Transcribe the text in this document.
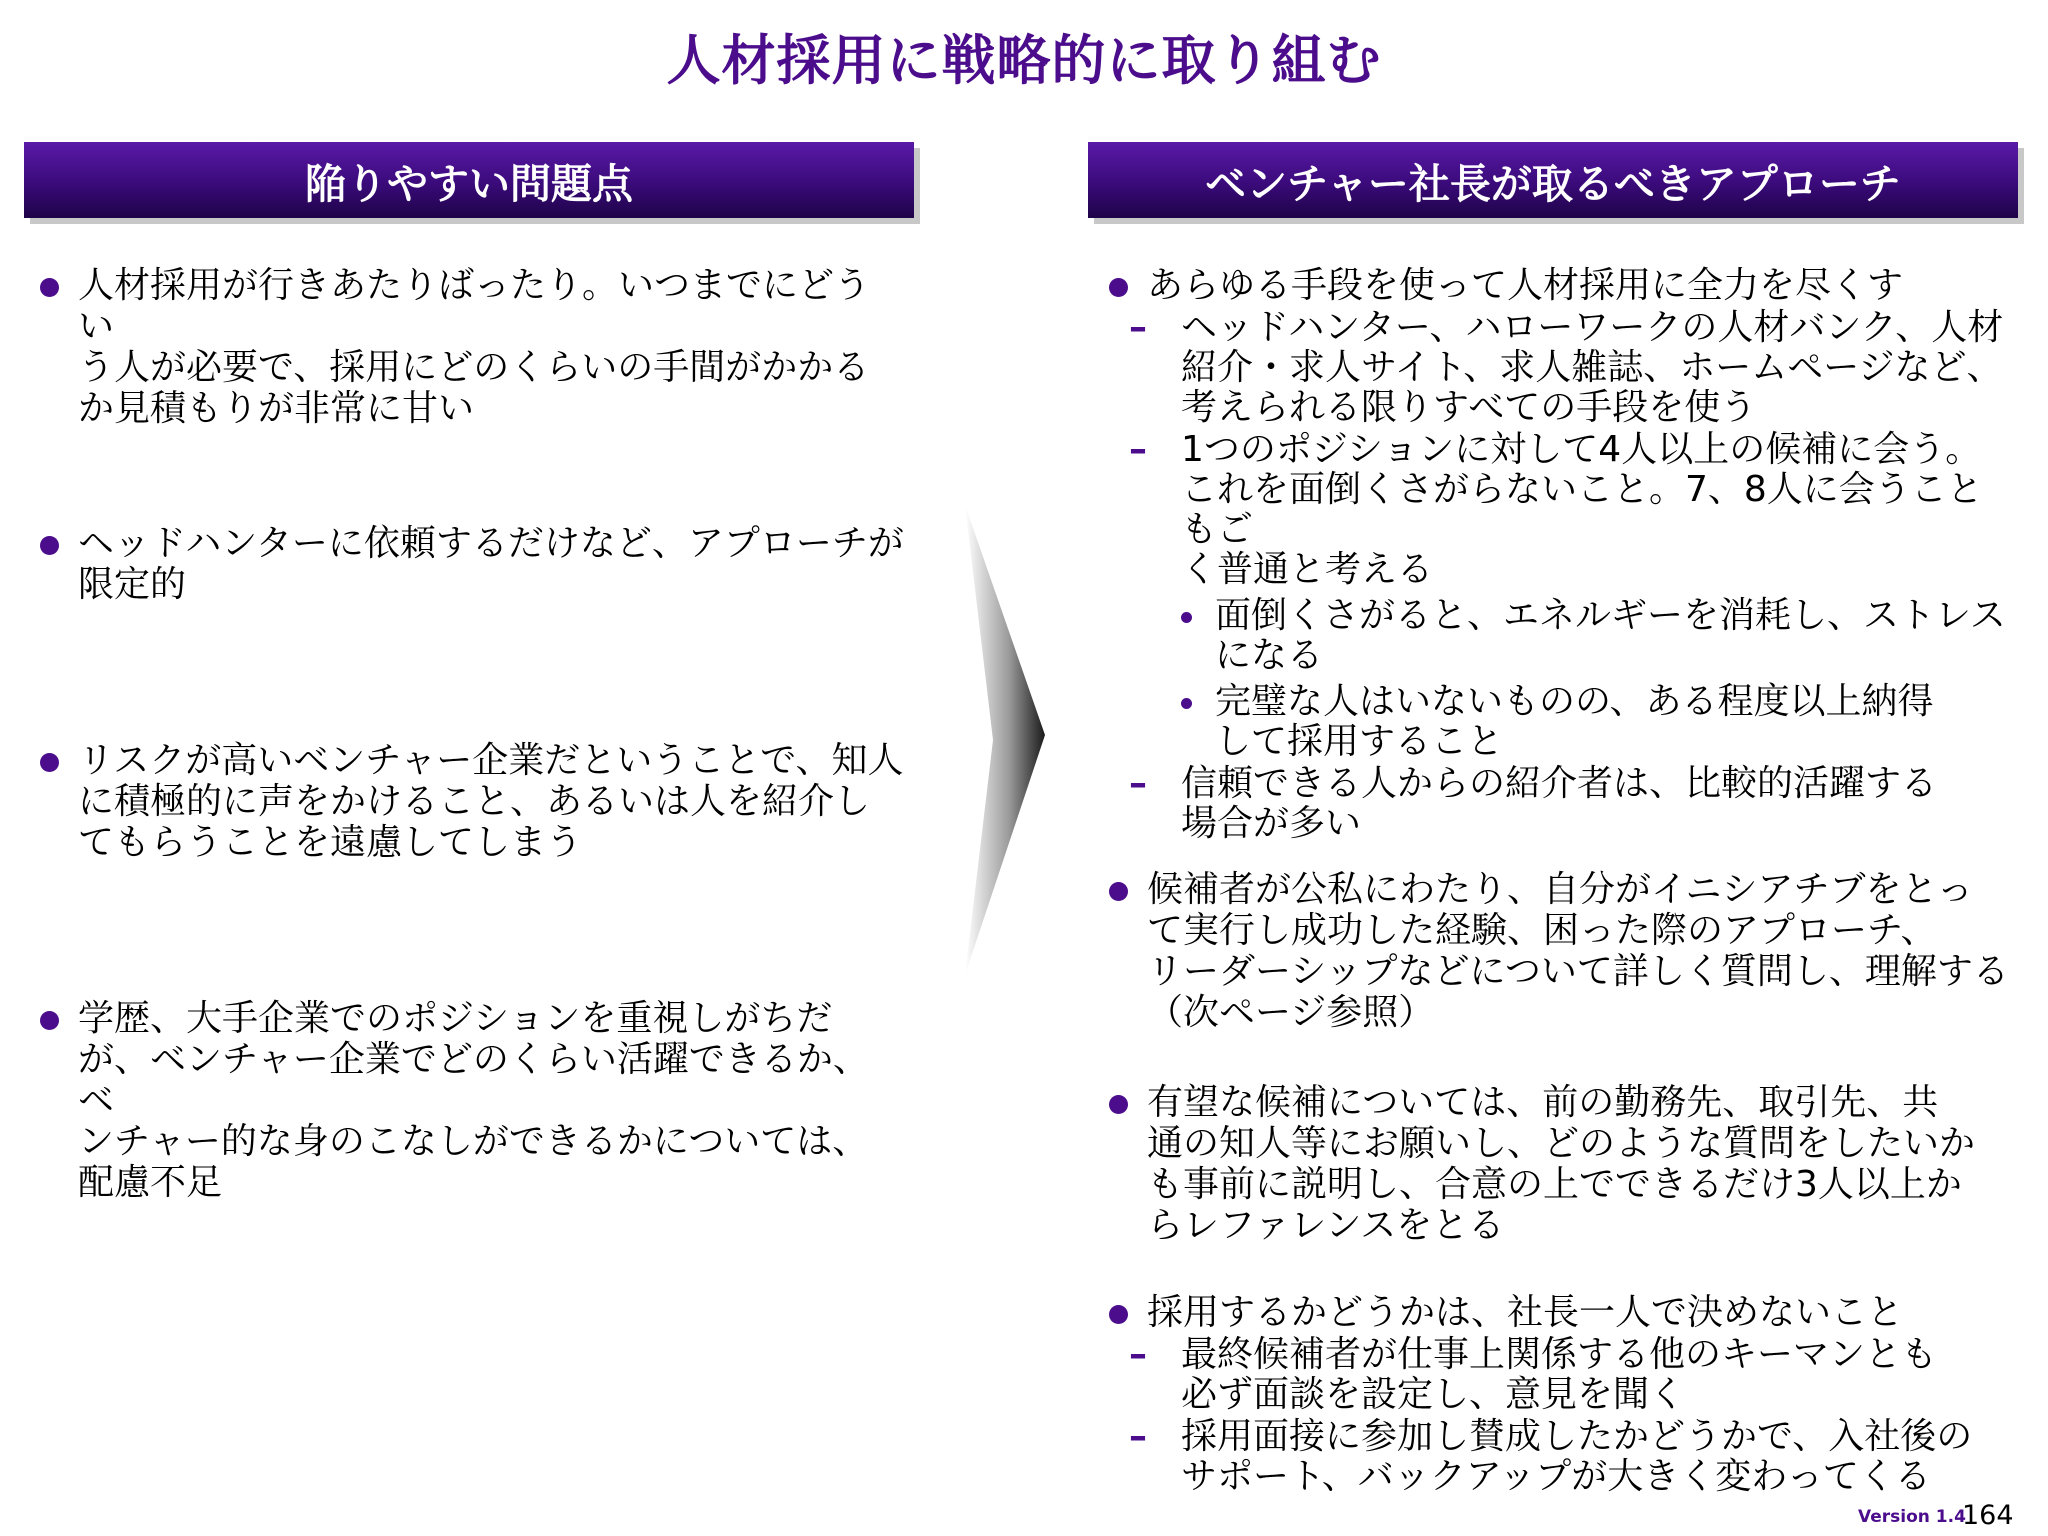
人材採用に戦略的に取り組む
陥りやすい問題点	ベンチャー社長が取るべきアプローチ
人材採用が行きあたりばったり。いつまでにどうい
う人が必要で、採用にどのくらいの手間がかかる
か見積もりが非常に甘い
ヘッドハンターに依頼するだけなど、アプローチが
限定的
リスクが高いベンチャー企業だということで、知人
に積極的に声をかけること、あるいは人を紹介し
てもらうことを遠慮してしまう
学歴、大手企業でのポジションを重視しがちだ
が、ベンチャー企業でどのくらい活躍できるか、ベ
ンチャー的な身のこなしができるかについては、
配慮不足
あらゆる手段を使って人材採用に全力を尽くす
– ヘッドハンター、ハローワークの人材バンク、人材
紹介・求人サイト、求人雑誌、ホームページなど、
考えられる限りすべての手段を使う
– 1つのポジションに対して4人以上の候補に会う。
これを面倒くさがらないこと。7、8人に会うこともご
く普通と考える
面倒くさがると、エネルギーを消耗し、ストレス
になる
完璧な人はいないものの、ある程度以上納得
して採用すること
– 信頼できる人からの紹介者は、比較的活躍する
場合が多い
候補者が公私にわたり、自分がイニシアチブをとっ
て実行し成功した経験、困った際のアプローチ、
リーダーシップなどについて詳しく質問し、理解する
（次ページ参照）
有望な候補については、前の勤務先、取引先、共
通の知人等にお願いし、どのような質問をしたいか
も事前に説明し、合意の上でできるだけ3人以上か
らレファレンスをとる
採用するかどうかは、社長一人で決めないこと
– 最終候補者が仕事上関係する他のキーマンとも
必ず面談を設定し、意見を聞く
– 採用面接に参加し賛成したかどうかで、入社後の
サポート、バックアップが大きく変わってくる
Version 1.4
164
